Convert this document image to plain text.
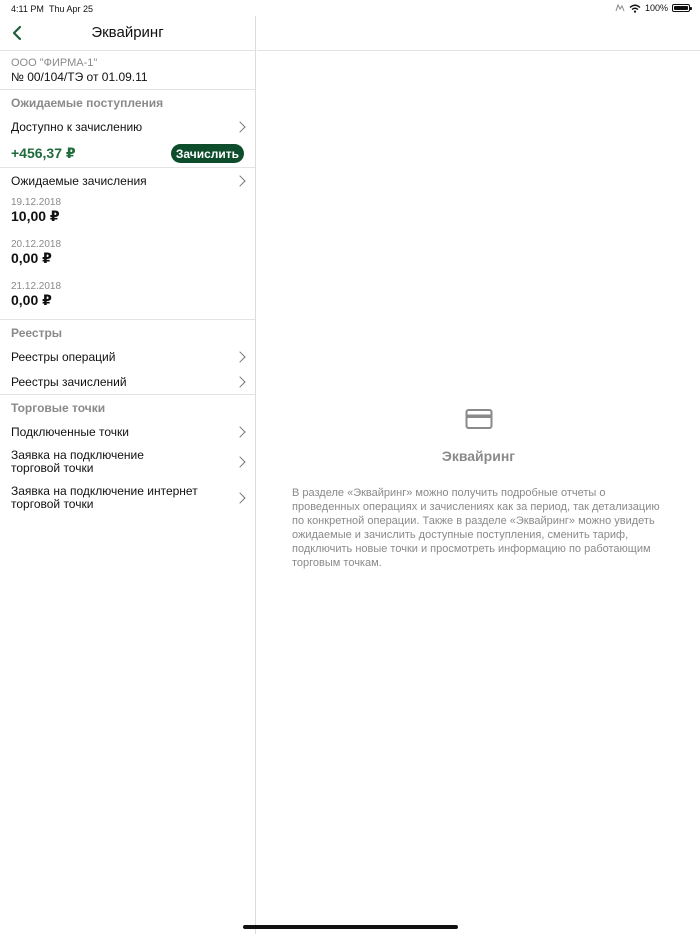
4:11 PM Thu Apr 25	100%
Эквайринг
ООО "ФИРМА-1"
№ 00/104/ТЭ от 01.09.11
Ожидаемые поступления
Доступно к зачислению
+456,37 ₽	Зачислить
Ожидаемые зачисления
19.12.2018
10,00 ₽
20.12.2018
0,00 ₽
21.12.2018
0,00 ₽
Реестры
Реестры операций
Реестры зачислений
Торговые точки
Подключенные точки
Заявка на подключение торговой точки
Заявка на подключение интернет торговой точки
Эквайринг
В разделе «Эквайринг» можно получить подробные отчеты о проведенных операциях и зачислениях как за период, так детализацию по конкретной операции. Также в разделе «Эквайринг» можно увидеть ожидаемые и зачислить доступные поступления, сменить тариф, подключить новые точки и просмотреть информацию по работающим торговым точкам.
